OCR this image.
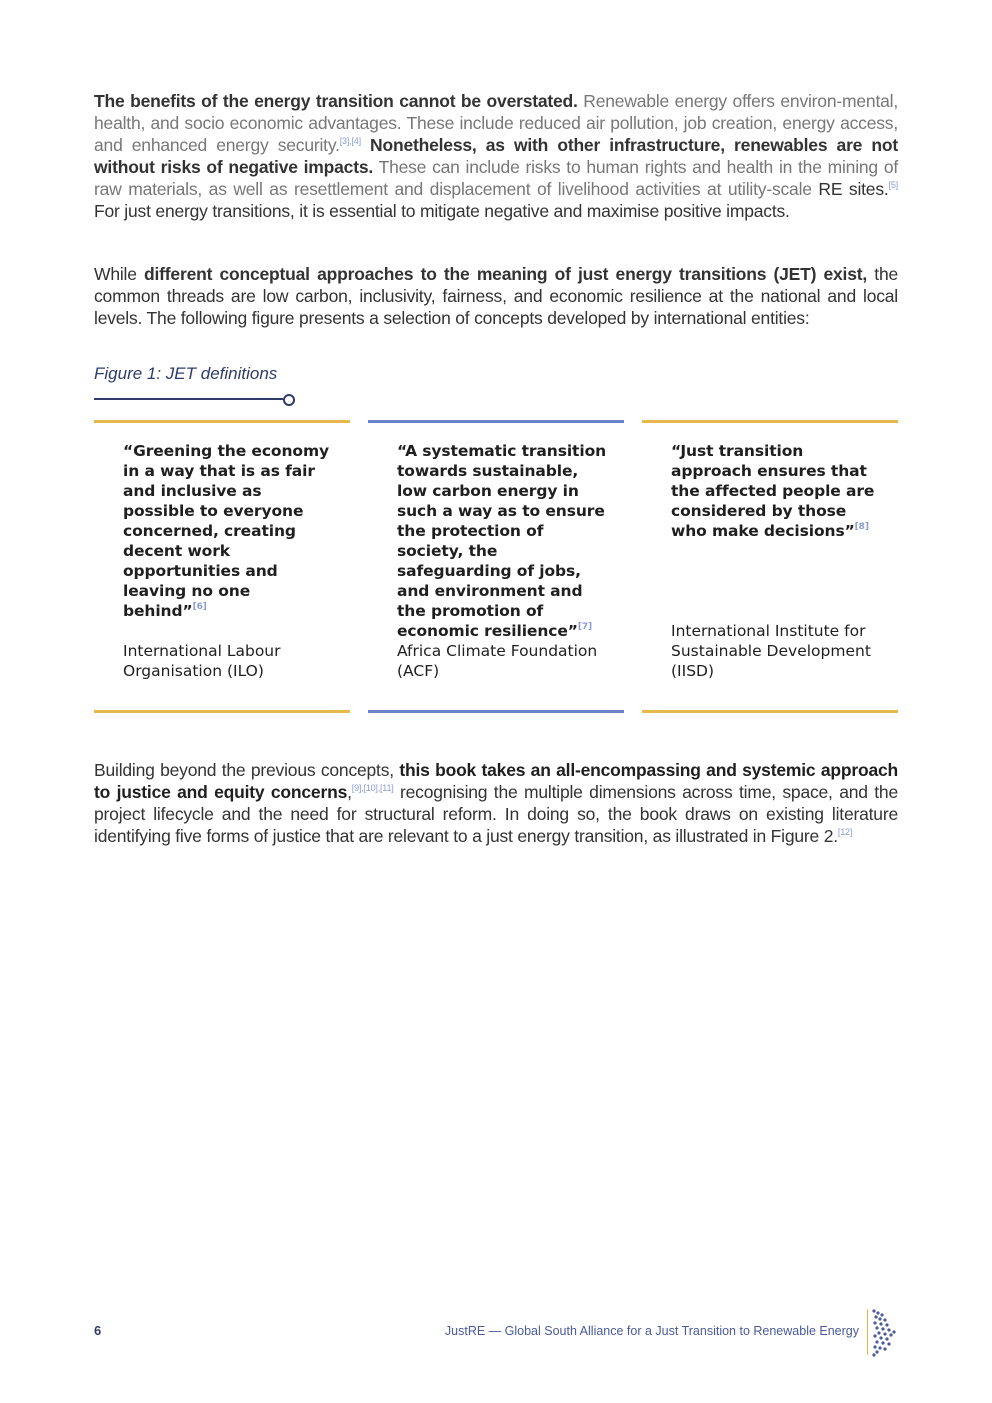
The benefits of the energy transition cannot be overstated. Renewable energy offers environ-mental, health, and socio economic advantages. These include reduced air pollution, job creation, energy access, and enhanced energy security.[3],[4] Nonetheless, as with other infrastructure, renewables are not without risks of negative impacts. These can include risks to human rights and health in the mining of raw materials, as well as resettlement and displacement of livelihood activities at utility-scale RE sites.[5] For just energy transitions, it is essential to mitigate negative and maximise positive impacts.

While different conceptual approaches to the meaning of just energy transitions (JET) exist, the common threads are low carbon, inclusivity, fairness, and economic resilience at the national and local levels. The following figure presents a selection of concepts developed by international entities:

Figure 1: JET definitions
“Greening the economy in a way that is as fair and inclusive as possible to everyone concerned, creating decent work opportunities and leaving no one behind”[6]
International Labour Organisation (ILO)
“A systematic transition towards sustainable, low carbon energy in such a way as to ensure the protection of society, the safeguarding of jobs, and environment and the promotion of economic resilience”[7]
Africa Climate Foundation (ACF)
“Just transition approach ensures that the affected people are considered by those who make decisions”[8]
International Institute for Sustainable Development (IISD)

Building beyond the previous concepts, this book takes an all-encompassing and systemic approach to justice and equity concerns,[9],[10],[11] recognising the multiple dimensions across time, space, and the project lifecycle and the need for structural reform. In doing so, the book draws on existing literature identifying five forms of justice that are relevant to a just energy transition, as illustrated in Figure 2.[12]

6	JustRE — Global South Alliance for a Just Transition to Renewable Energy
